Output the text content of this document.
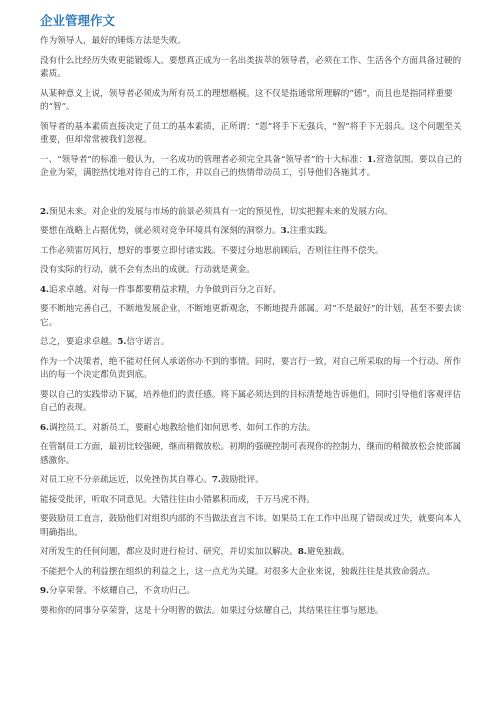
企业管理作文

作为领导人，最好的锤炼方法是失败。

没有什么比经历失败更能锻炼人。要想真正成为一名出类拔萃的领导者，必须在工作、生活各个方面具备过硬的素质。

从某种意义上说，领导者必须成为所有员工的理想楷模。这不仅是指通常所理解的“德”，而且也是指同样重要的“智”。

领导者的基本素质直接决定了员工的基本素质，正所谓：“恩”将手下无强兵，“智”将手下无弱兵。这个问题至关重要，但却常常被我们忽视。

一、“领导者”的标准一般认为，一名成功的管理者必须完全具备“领导者”的十大标准：1.营造氛围。要以自己的企业为荣，满腔热忱地对待自己的工作，并以自己的热情带动员工，引导他们各施其才。

2.预见未来。对企业的发展与市场的前景必须具有一定的预见性，切实把握未来的发展方向。

要想在战略上占据优势，就必须对竞争环境具有深刻的洞察力。3.注重实践。

工作必须雷厉风行，想好的事要立即付诸实践。不要过分地思前顾后，否则往往得不偿失。

没有实际的行动，就不会有杰出的成就。行动就是黄金。

4.追求卓越。对每一件事都要精益求精，力争做到百分之百好。

要不断地完善自己，不断地发展企业，不断地更新观念，不断地提升部属。对“不是最好”的计划，甚至不要去读它。

总之，要追求卓越。5.信守诺言。

作为一个决策者，绝不能对任何人承诺你办不到的事情。同时，要言行一致，对自己所采取的每一个行动、所作出的每一个决定都负责到底。

要以自己的实践带动下属，培养他们的责任感。将下属必须达到的目标清楚地告诉他们，同时引导他们客观评估自己的表现。

6.调控员工。对新员工，要耐心地教给他们如何思考、如何工作的方法。

在管制员工方面，最初比较强硬，继而稍微放松。初期的强硬控制可表现你的控制力，继而的稍微放松会使部属感激你。

对员工应不分亲疏远近，以免挫伤其自尊心。7.鼓励批评。

能接受批评，听取不同意见。大错往往由小错累积而成，千万马虎不得。

要鼓励员工直言，鼓励他们对组织内部的不当做法直言不讳。如果员工在工作中出现了错误或过失，就要向本人明确指出。

对所发生的任何问题，都应及时进行检讨、研究，并切实加以解决。8.避免独裁。

不能把个人的利益摆在组织的利益之上，这一点尤为关键。对很多大企业来说，独裁往往是其致命弱点。

9.分享荣誉。不炫耀自己，不贪功归己。

要和你的同事分享荣誉，这是十分明智的做法。如果过分炫耀自己，其结果往往事与愿违。
